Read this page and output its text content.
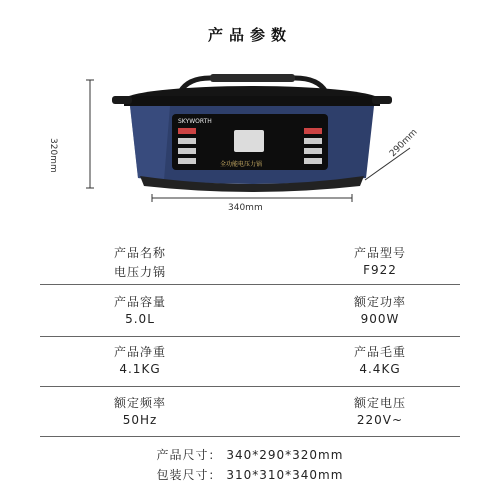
产品参数
SKYWORTH
全功能电压力锅
320mm
340mm
290mm
产品名称
电压力锅
产品型号
F922
产品容量
5.0L
额定功率
900W
产品净重
4.1KG
产品毛重
4.4KG
额定频率
50Hz
额定电压
220V~
产品尺寸： 340*290*320mm
包装尺寸： 310*310*340mm
